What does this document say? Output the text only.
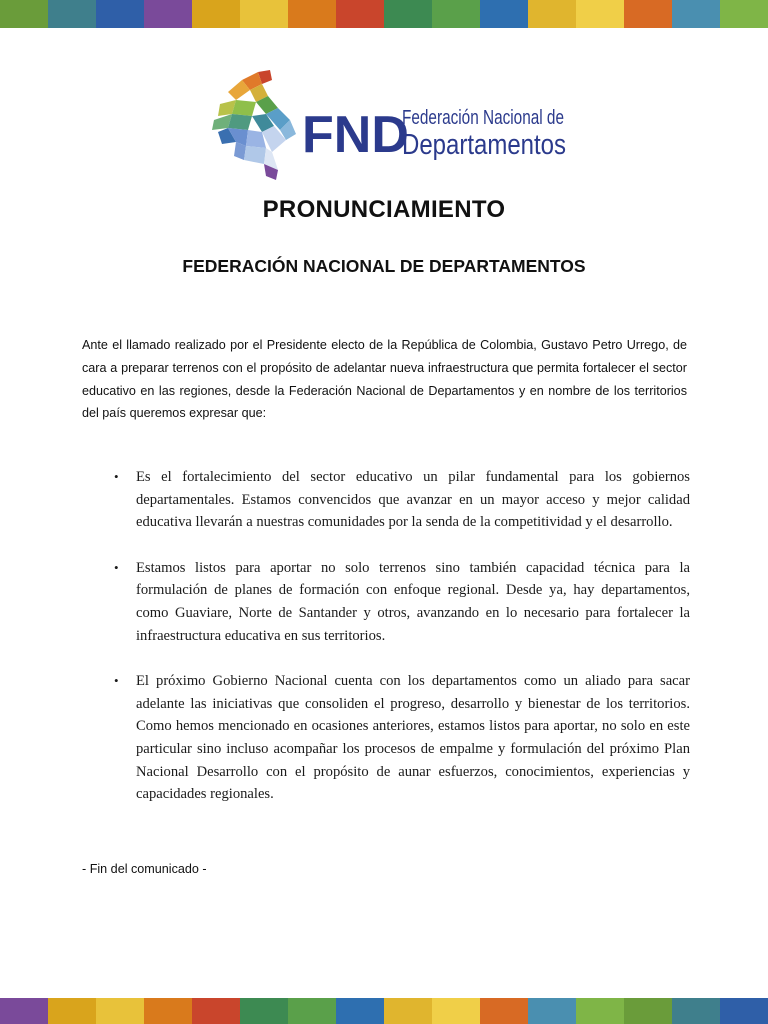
FND
Federación Nacional de
Departamentos
PRONUNCIAMIENTO
FEDERACIÓN NACIONAL DE DEPARTAMENTOS

Ante el llamado realizado por el Presidente electo de la República de Colombia, Gustavo Petro Urrego, de cara a preparar terrenos con el propósito de adelantar nueva infraestructura que permita fortalecer el sector educativo en las regiones, desde la Federación Nacional de Departamentos y en nombre de los territorios del país queremos expresar que:

• Es el fortalecimiento del sector educativo un pilar fundamental para los gobiernos departamentales. Estamos convencidos que avanzar en un mayor acceso y mejor calidad educativa llevarán a nuestras comunidades por la senda de la competitividad y el desarrollo.
• Estamos listos para aportar no solo terrenos sino también capacidad técnica para la formulación de planes de formación con enfoque regional. Desde ya, hay departamentos, como Guaviare, Norte de Santander y otros, avanzando en lo necesario para fortalecer la infraestructura educativa en sus territorios.
• El próximo Gobierno Nacional cuenta con los departamentos como un aliado para sacar adelante las iniciativas que consoliden el progreso, desarrollo y bienestar de los territorios. Como hemos mencionado en ocasiones anteriores, estamos listos para aportar, no solo en este particular sino incluso acompañar los procesos de empalme y formulación del próximo Plan Nacional Desarrollo con el propósito de aunar esfuerzos, conocimientos, experiencias y capacidades regionales.
- Fin del comunicado -
